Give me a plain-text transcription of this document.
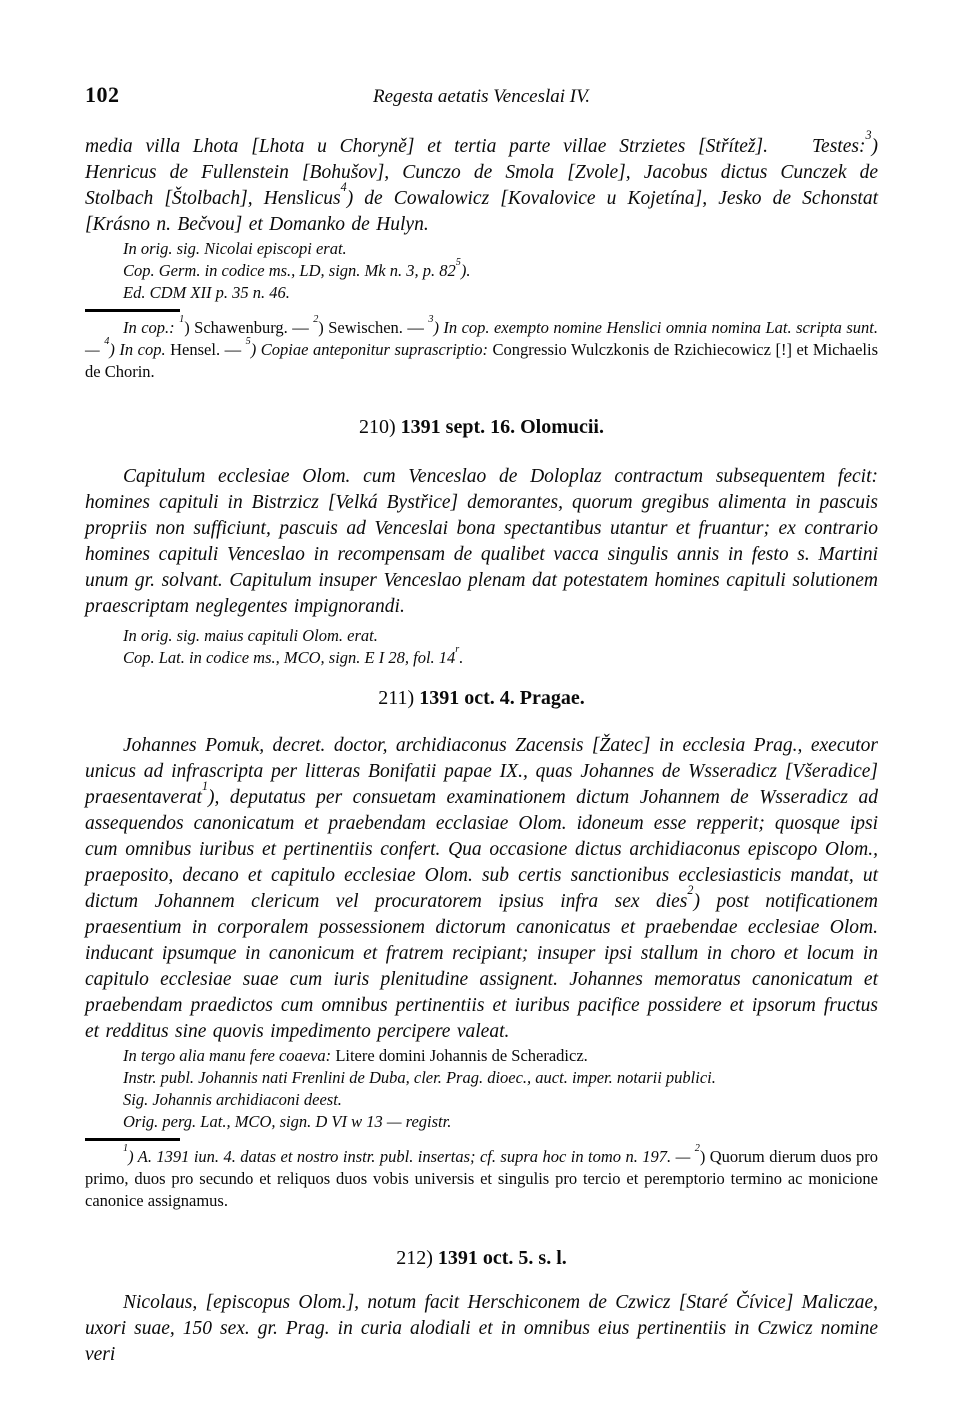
102	Regesta aetatis Venceslai IV.

media villa Lhota [Lhota u Choryně] et tertia parte villae Strzietes [Střítež]. Testes:$^3$) Henricus de Fullenstein [Bohušov], Cunczo de Smola [Zvole], Jacobus dictus Cunczek de Stolbach [Štolbach], Henslicus$^4$) de Cowalowicz [Kovalovice u Kojetína], Jesko de Schonstat [Krásno n. Bečvou] et Domanko de Hulyn.

In orig. sig. Nicolai episcopi erat.
Cop. Germ. in codice ms., LD, sign. Mk n. 3, p. $82^5$).
Ed. CDM XII p. 35 n. 46.

In cop.: $^1$) Schawenburg. — $^2$) Sewischen. — $^3$) In cop. exempto nomine Henslici omnia nomina Lat. scripta sunt. — $^4$) In cop. Hensel. — $^5$) Copiae anteponitur suprascriptio: Congressio Wulczkonis de Rzichiecowicz [!] et Michaelis de Chorin.

210) 1391 sept. 16. Olomucii.

Capitulum ecclesiae Olom. cum Venceslao de Doloplaz contractum subsequentem fecit: homines capituli in Bistrzicz [Velká Bystřice] demorantes, quorum gregibus alimenta in pascuis propriis non sufficiunt, pascuis ad Venceslai bona spectantibus utantur et fruantur; ex contrario homines capituli Venceslao in recompensam de qualibet vacca singulis annis in festo s. Martini unum gr. solvant. Capitulum insuper Venceslao plenam dat potestatem homines capituli solutionem praescriptam neglegentes impignorandi.

In orig. sig. maius capituli Olom. erat.
Cop. Lat. in codice ms., MCO, sign. E I 28, fol. 14$^r$.

211) 1391 oct. 4. Pragae.

Johannes Pomuk, decret. doctor, archidiaconus Zacensis [Žatec] in ecclesia Prag., executor unicus ad infrascripta per litteras Bonifatii papae IX., quas Johannes de Wsseradicz [Všeradice] praesentaverat$^1$), deputatus per consuetam examinationem dictum Johannem de Wsseradicz ad assequendos canonicatum et praebendam ecclasiae Olom. idoneum esse repperit; quosque ipsi cum omnibus iuribus et pertinentiis confert. Qua occasione dictus archidiaconus episcopo Olom., praeposito, decano et capitulo ecclesiae Olom. sub certis sanctionibus ecclesiasticis mandat, ut dictum Johannem clericum vel procuratorem ipsius infra sex dies$^2$) post notificationem praesentium in corporalem possessionem dictorum canonicatus et praebendae ecclesiae Olom. inducant ipsumque in canonicum et fratrem recipiant; insuper ipsi stallum in choro et locum in capitulo ecclesiae suae cum iuris plenitudine assignent. Johannes memoratus canonicatum et praebendam praedictos cum omnibus pertinentiis et iuribus pacifice possidere et ipsorum fructus et redditus sine quovis impedimento percipere valeat.

In tergo alia manu fere coaeva: Litere domini Johannis de Scheradicz.
Instr. publ. Johannis nati Frenlini de Duba, cler. Prag. dioec., auct. imper. notarii publici.
Sig. Johannis archidiaconi deest.
Orig. perg. Lat., MCO, sign. D VI w 13 — registr.

$^1$) A. 1391 iun. 4. datas et nostro instr. publ. insertas; cf. supra hoc in tomo n. 197. — $^2$) Quorum dierum duos pro primo, duos pro secundo et reliquos duos vobis universis et singulis pro tercio et peremptorio termino ac monicione canonice assignamus.

212) 1391 oct. 5. s. l.

Nicolaus, [episcopus Olom.], notum facit Herschiconem de Czwicz [Staré Čívice] Maliczae, uxori suae, 150 sex. gr. Prag. in curia alodiali et in omnibus eius pertinentiis in Czwicz nomine veri
